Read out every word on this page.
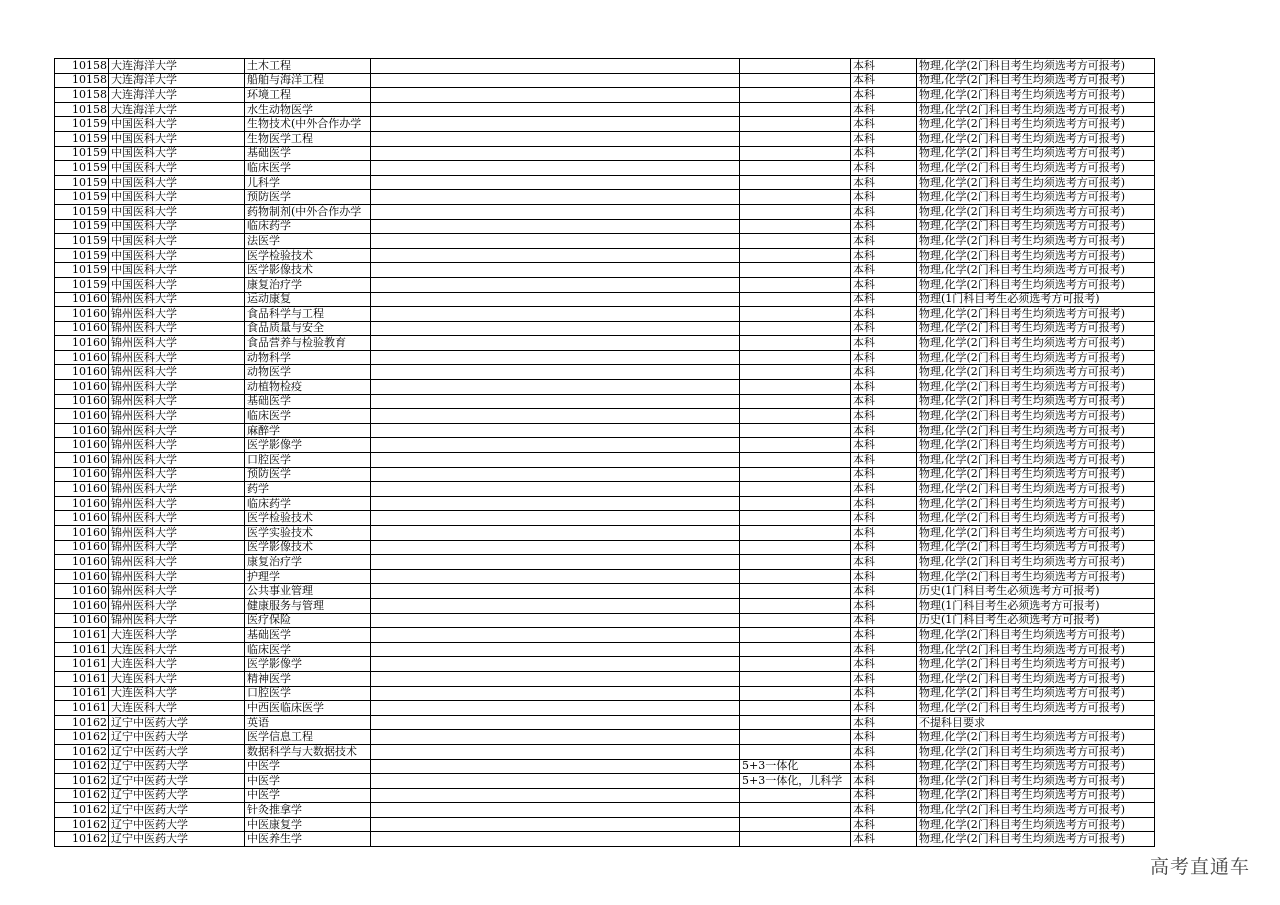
10158	大连海洋大学	土木工程			本科	物理,化学(2门科目考生均须选考方可报考)
10158	大连海洋大学	船舶与海洋工程			本科	物理,化学(2门科目考生均须选考方可报考)
10158	大连海洋大学	环境工程			本科	物理,化学(2门科目考生均须选考方可报考)
10158	大连海洋大学	水生动物医学			本科	物理,化学(2门科目考生均须选考方可报考)
10159	中国医科大学	生物技术(中外合作办学			本科	物理,化学(2门科目考生均须选考方可报考)
10159	中国医科大学	生物医学工程			本科	物理,化学(2门科目考生均须选考方可报考)
10159	中国医科大学	基础医学			本科	物理,化学(2门科目考生均须选考方可报考)
10159	中国医科大学	临床医学			本科	物理,化学(2门科目考生均须选考方可报考)
10159	中国医科大学	儿科学			本科	物理,化学(2门科目考生均须选考方可报考)
10159	中国医科大学	预防医学			本科	物理,化学(2门科目考生均须选考方可报考)
10159	中国医科大学	药物制剂(中外合作办学			本科	物理,化学(2门科目考生均须选考方可报考)
10159	中国医科大学	临床药学			本科	物理,化学(2门科目考生均须选考方可报考)
10159	中国医科大学	法医学			本科	物理,化学(2门科目考生均须选考方可报考)
10159	中国医科大学	医学检验技术			本科	物理,化学(2门科目考生均须选考方可报考)
10159	中国医科大学	医学影像技术			本科	物理,化学(2门科目考生均须选考方可报考)
10159	中国医科大学	康复治疗学			本科	物理,化学(2门科目考生均须选考方可报考)
10160	锦州医科大学	运动康复			本科	物理(1门科目考生必须选考方可报考)
10160	锦州医科大学	食品科学与工程			本科	物理,化学(2门科目考生均须选考方可报考)
10160	锦州医科大学	食品质量与安全			本科	物理,化学(2门科目考生均须选考方可报考)
10160	锦州医科大学	食品营养与检验教育			本科	物理,化学(2门科目考生均须选考方可报考)
10160	锦州医科大学	动物科学			本科	物理,化学(2门科目考生均须选考方可报考)
10160	锦州医科大学	动物医学			本科	物理,化学(2门科目考生均须选考方可报考)
10160	锦州医科大学	动植物检疫			本科	物理,化学(2门科目考生均须选考方可报考)
10160	锦州医科大学	基础医学			本科	物理,化学(2门科目考生均须选考方可报考)
10160	锦州医科大学	临床医学			本科	物理,化学(2门科目考生均须选考方可报考)
10160	锦州医科大学	麻醉学			本科	物理,化学(2门科目考生均须选考方可报考)
10160	锦州医科大学	医学影像学			本科	物理,化学(2门科目考生均须选考方可报考)
10160	锦州医科大学	口腔医学			本科	物理,化学(2门科目考生均须选考方可报考)
10160	锦州医科大学	预防医学			本科	物理,化学(2门科目考生均须选考方可报考)
10160	锦州医科大学	药学			本科	物理,化学(2门科目考生均须选考方可报考)
10160	锦州医科大学	临床药学			本科	物理,化学(2门科目考生均须选考方可报考)
10160	锦州医科大学	医学检验技术			本科	物理,化学(2门科目考生均须选考方可报考)
10160	锦州医科大学	医学实验技术			本科	物理,化学(2门科目考生均须选考方可报考)
10160	锦州医科大学	医学影像技术			本科	物理,化学(2门科目考生均须选考方可报考)
10160	锦州医科大学	康复治疗学			本科	物理,化学(2门科目考生均须选考方可报考)
10160	锦州医科大学	护理学			本科	物理,化学(2门科目考生均须选考方可报考)
10160	锦州医科大学	公共事业管理			本科	历史(1门科目考生必须选考方可报考)
10160	锦州医科大学	健康服务与管理			本科	物理(1门科目考生必须选考方可报考)
10160	锦州医科大学	医疗保险			本科	历史(1门科目考生必须选考方可报考)
10161	大连医科大学	基础医学			本科	物理,化学(2门科目考生均须选考方可报考)
10161	大连医科大学	临床医学			本科	物理,化学(2门科目考生均须选考方可报考)
10161	大连医科大学	医学影像学			本科	物理,化学(2门科目考生均须选考方可报考)
10161	大连医科大学	精神医学			本科	物理,化学(2门科目考生均须选考方可报考)
10161	大连医科大学	口腔医学			本科	物理,化学(2门科目考生均须选考方可报考)
10161	大连医科大学	中西医临床医学			本科	物理,化学(2门科目考生均须选考方可报考)
10162	辽宁中医药大学	英语			本科	不提科目要求
10162	辽宁中医药大学	医学信息工程			本科	物理,化学(2门科目考生均须选考方可报考)
10162	辽宁中医药大学	数据科学与大数据技术			本科	物理,化学(2门科目考生均须选考方可报考)
10162	辽宁中医药大学	中医学		5+3一体化	本科	物理,化学(2门科目考生均须选考方可报考)
10162	辽宁中医药大学	中医学		5+3一体化，儿科学	本科	物理,化学(2门科目考生均须选考方可报考)
10162	辽宁中医药大学	中医学			本科	物理,化学(2门科目考生均须选考方可报考)
10162	辽宁中医药大学	针灸推拿学			本科	物理,化学(2门科目考生均须选考方可报考)
10162	辽宁中医药大学	中医康复学			本科	物理,化学(2门科目考生均须选考方可报考)
10162	辽宁中医药大学	中医养生学			本科	物理,化学(2门科目考生均须选考方可报考)
高考直通车
